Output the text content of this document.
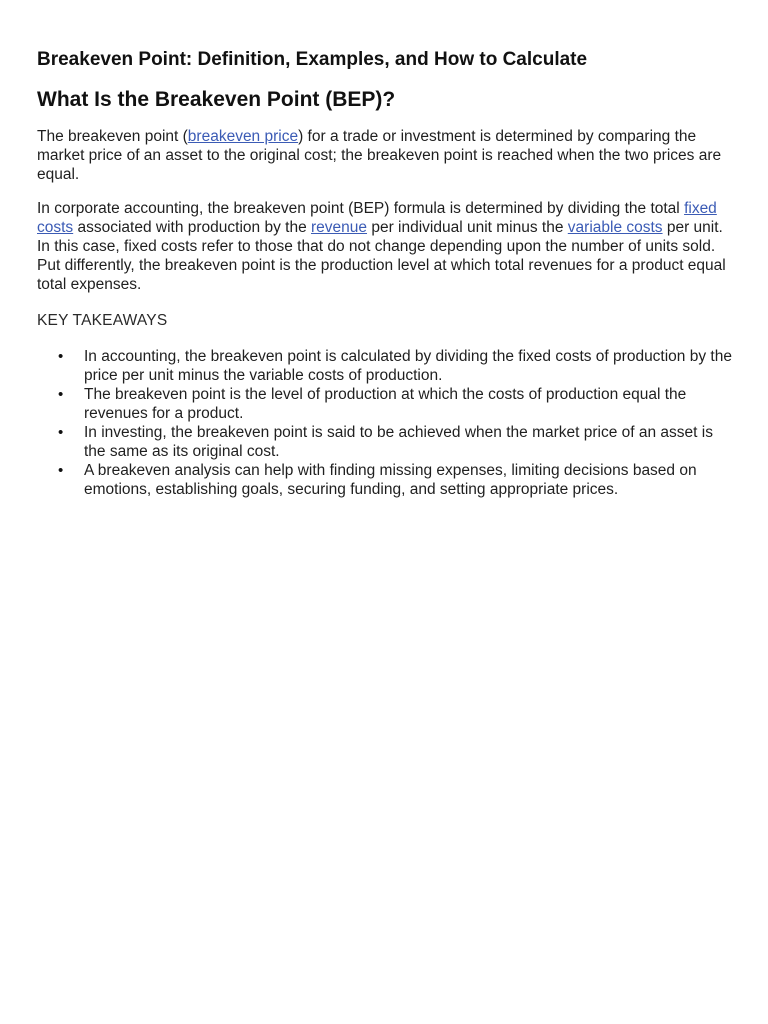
Breakeven Point: Definition, Examples, and How to Calculate
What Is the Breakeven Point (BEP)?

The breakeven point (breakeven price) for a trade or investment is determined by comparing the market price of an asset to the original cost; the breakeven point is reached when the two prices are equal.

In corporate accounting, the breakeven point (BEP) formula is determined by dividing the total fixed costs associated with production by the revenue per individual unit minus the variable costs per unit. In this case, fixed costs refer to those that do not change depending upon the number of units sold. Put differently, the breakeven point is the production level at which total revenues for a product equal total expenses.

KEY TAKEAWAYS

• In accounting, the breakeven point is calculated by dividing the fixed costs of production by the price per unit minus the variable costs of production.
• The breakeven point is the level of production at which the costs of production equal the revenues for a product.
• In investing, the breakeven point is said to be achieved when the market price of an asset is the same as its original cost.
• A breakeven analysis can help with finding missing expenses, limiting decisions based on emotions, establishing goals, securing funding, and setting appropriate prices.
